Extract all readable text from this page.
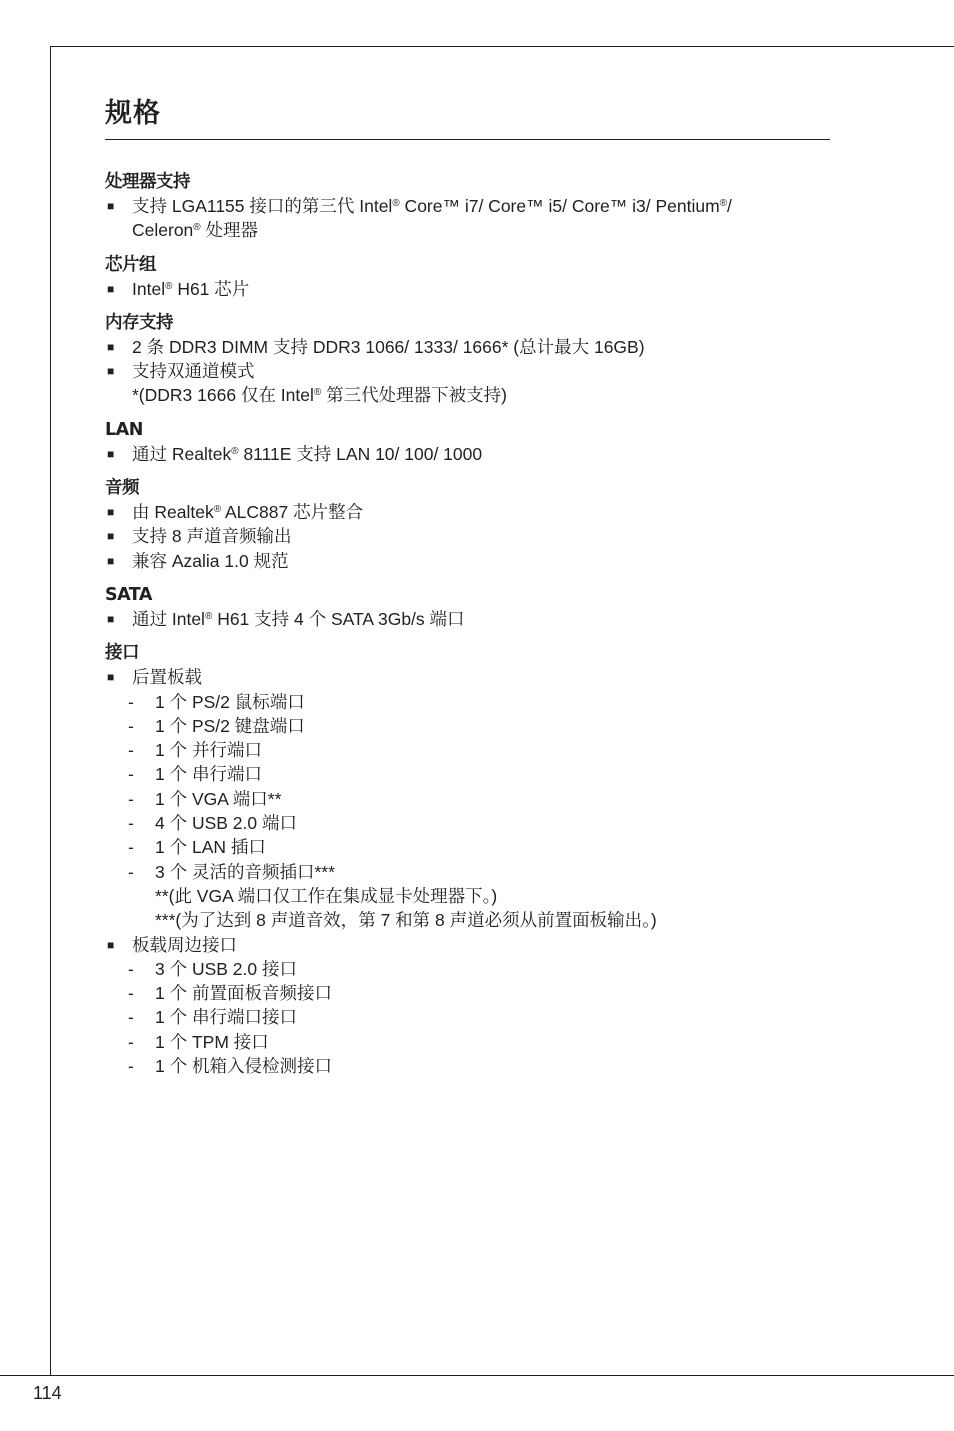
114
规格
处理器支持
■ 支持 LGA1155 接口的第三代 Intel® Core™ i7/ Core™ i5/ Core™ i3/ Pentium®/
Celeron® 处理器
芯片组
■ Intel® H61 芯片
内存支持
■ 2 条 DDR3 DIMM 支持 DDR3 1066/ 1333/ 1666* (总计最大 16GB)
■ 支持双通道模式
*(DDR3 1666 仅在 Intel® 第三代处理器下被支持)
LAN
■ 通过 Realtek® 8111E 支持 LAN 10/ 100/ 1000
音频
■ 由 Realtek® ALC887 芯片整合
■ 支持 8 声道音频输出
■ 兼容 Azalia 1.0 规范
SATA
■ 通过 Intel® H61 支持 4 个 SATA 3Gb/s 端口
接口
■ 后置板载
- 1 个 PS/2 鼠标端口
- 1 个 PS/2 键盘端口
- 1 个 并行端口
- 1 个 串行端口
- 1 个 VGA 端口**
- 4 个 USB 2.0 端口
- 1 个 LAN 插口
- 3 个 灵活的音频插口***
**(此 VGA 端口仅工作在集成显卡处理器下。)
***(为了达到 8 声道音效，第 7 和第 8 声道必须从前置面板输出。)
■ 板载周边接口
- 3 个 USB 2.0 接口
- 1 个 前置面板音频接口
- 1 个 串行端口接口
- 1 个 TPM 接口
- 1 个 机箱入侵检测接口
